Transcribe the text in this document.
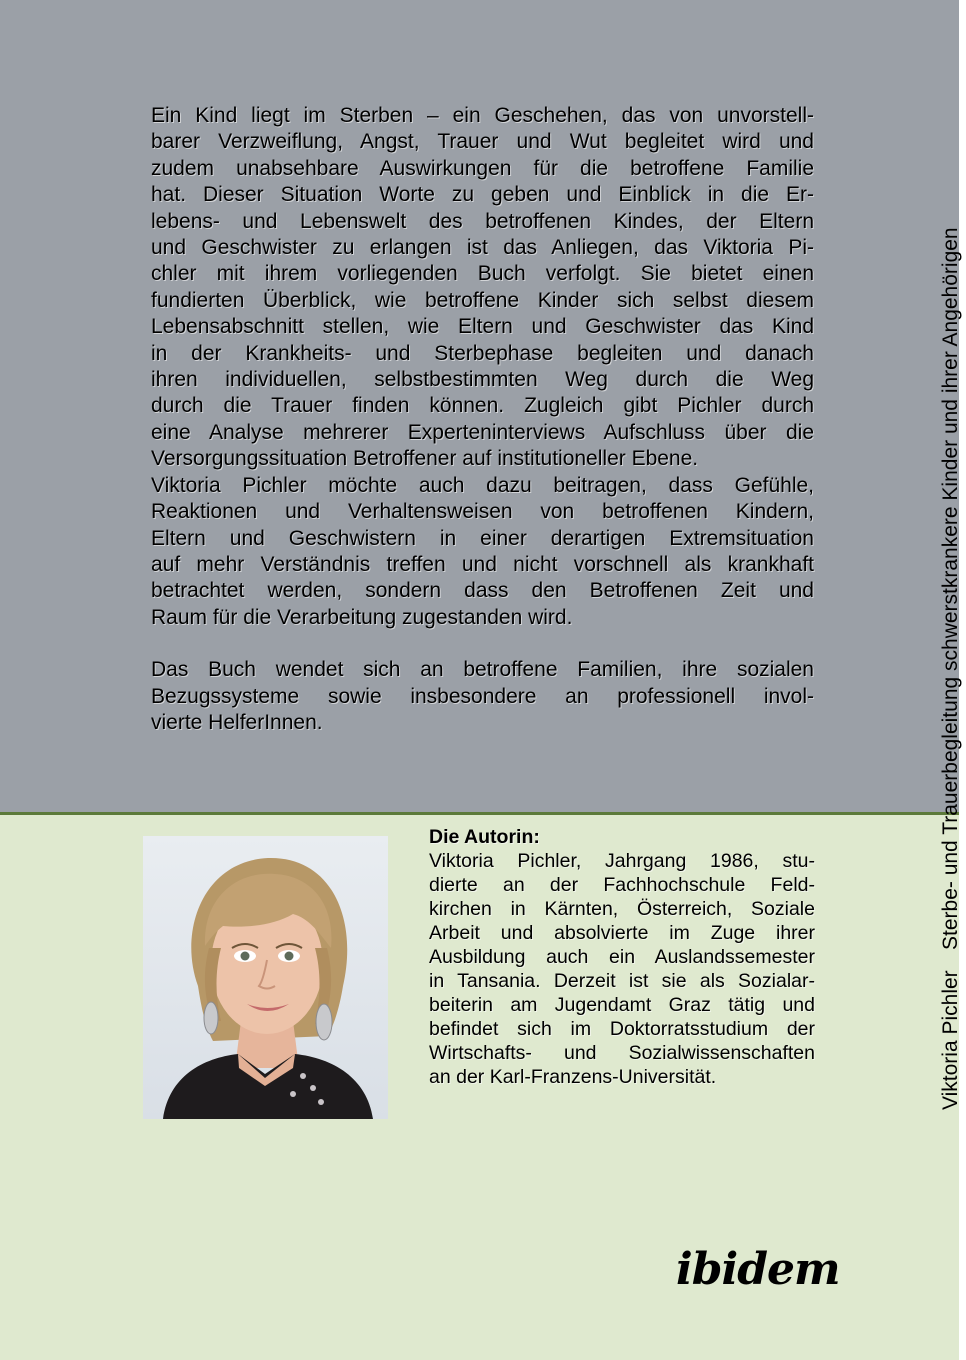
Ein Kind liegt im Sterben – ein Geschehen, das von unvorstell-
barer Verzweiflung, Angst, Trauer und Wut begleitet wird und
zudem unabsehbare Auswirkungen für die betroffene Familie
hat. Dieser Situation Worte zu geben und Einblick in die Er-
lebens- und Lebenswelt des betroffenen Kindes, der Eltern
und Geschwister zu erlangen ist das Anliegen, das Viktoria Pi-
chler mit ihrem vorliegenden Buch verfolgt. Sie bietet einen
fundierten Überblick, wie betroffene Kinder sich selbst diesem
Lebensabschnitt stellen, wie Eltern und Geschwister das Kind
in der Krankheits- und Sterbephase begleiten und danach
ihren individuellen, selbstbestimmten Weg durch die Weg
durch die Trauer finden können. Zugleich gibt Pichler durch
eine Analyse mehrerer Experteninterviews Aufschluss über die
Versorgungssituation Betroffener auf institutioneller Ebene.
Viktoria Pichler möchte auch dazu beitragen, dass Gefühle,
Reaktionen und Verhaltensweisen von betroffenen Kindern,
Eltern und Geschwistern in einer derartigen Extremsituation
auf mehr Verständnis treffen und nicht vorschnell als krankhaft
betrachtet werden, sondern dass den Betroffenen Zeit und
Raum für die Verarbeitung zugestanden wird.

Das Buch wendet sich an betroffene Familien, ihre sozialen
Bezugssysteme sowie insbesondere an professionell invol-
vierte HelferInnen.

Die Autorin:
Viktoria Pichler, Jahrgang 1986, stu-
dierte an der Fachhochschule Feld-
kirchen in Kärnten, Österreich, Soziale
Arbeit und absolvierte im Zuge ihrer
Ausbildung auch ein Auslandssemester
in Tansania. Derzeit ist sie als Sozialar-
beiterin am Jugendamt Graz tätig und
befindet sich im Doktorratsstudium der
Wirtschafts- und Sozialwissenschaften
an der Karl-Franzens-Universität.	Viktoria PichlerSterbe- und Trauerbegleitung schwerstkrankere Kinder und ihrer Angehörigen
ibidem
